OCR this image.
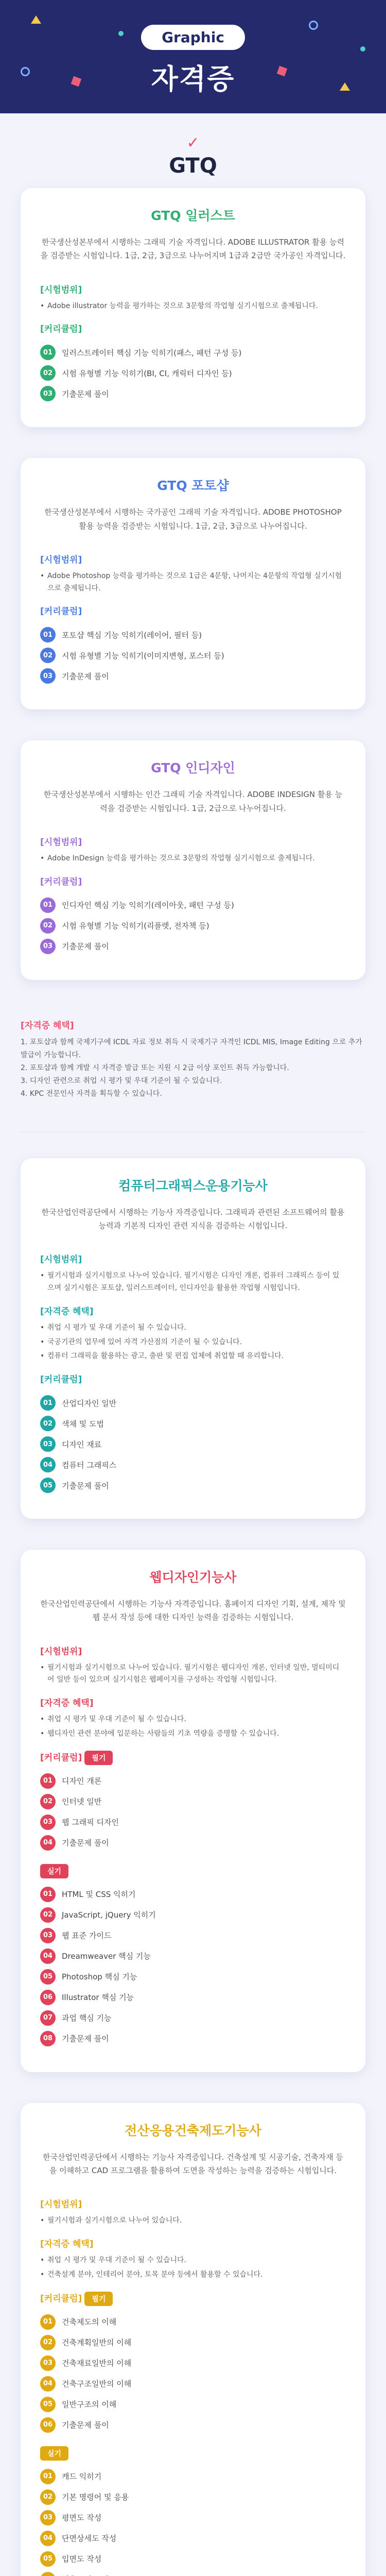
Graphic
자격증
✓
GTQ
GTQ 일러스트
한국생산성본부에서 시행하는 그래픽 기술 자격입니다. ADOBE ILLUSTRATOR 활용 능력을 검증받는 시험입니다. 1급, 2급, 3급으로 나누어지며 1급과 2급만 국가공인 자격입니다.
[시험범위]
• Adobe illustrator 능력을 평가하는 것으로 3문항의 작업형 실기시험으로 출제됩니다.
[커리큘럼]
01	일러스트레이터 핵심 기능 익히기(패스, 패턴 구성 등)
02	시험 유형별 기능 익히기(BI, CI, 캐릭터 디자인 등)
03	기출문제 풀이
GTQ 포토샵
한국생산성본부에서 시행하는 국가공인 그래픽 기술 자격입니다. ADOBE PHOTOSHOP 활용 능력을 검증받는 시험입니다. 1급, 2급, 3급으로 나누어집니다.
[시험범위]
• Adobe Photoshop 능력을 평가하는 것으로 1급은 4문항, 나머지는 4문항의 작업형 실기시험으로 출제됩니다.
[커리큘럼]
01	포토샵 핵심 기능 익히기(레이어, 필터 등)
02	시험 유형별 기능 익히기(이미지변형, 포스터 등)
03	기출문제 풀이
GTQ 인디자인
한국생산성본부에서 시행하는 인간 그래픽 기술 자격입니다. ADOBE INDESIGN 활용 능력을 검증받는 시험입니다. 1급, 2급으로 나누어집니다.
[시험범위]
• Adobe InDesign 능력을 평가하는 것으로 3문항의 작업형 실기시험으로 출제됩니다.
[커리큘럼]
01	인디자인 핵심 기능 익히기(레이아웃, 패턴 구성 등)
02	시험 유형별 기능 익히기(리플렛, 전자책 등)
03	기출문제 풀이
[자격증 혜택]
1. 포토샵과 함께 국제기구에 ICDL 자료 정보 취득 시 국제기구 자격인 ICDL MIS, Image Editing 으로 추가 발급이 가능합니다.
2. 포토샵과 함께 개발 시 자격증 발급 또는 지원 시 2급 이상 포인트 취득 가능합니다.
3. 디자인 관련으로 취업 시 평가 및 우대 기준이 될 수 있습니다.
4. KPC 전문인사 자격을 획득할 수 있습니다.
컴퓨터그래픽스운용기능사
한국산업인력공단에서 시행하는 기능사 자격증입니다. 그래픽과 관련된 소프트웨어의 활용 능력과 기본적 디자인 관련 지식을 검증하는 시험입니다.
[시험범위]
• 필기시험과 실기시험으로 나누어 있습니다. 필기시험은 디자인 개론, 컴퓨터 그래픽스 등이 있으며 실기시험은 포토샵, 일러스트레이터, 인디자인을 활용한 작업형 시험입니다.
[자격증 혜택]
• 취업 시 평가 및 우대 기준이 될 수 있습니다.
• 국공기관의 업무에 있어 자격 가산점의 기준이 될 수 있습니다.
• 컴퓨터 그래픽을 활용하는 광고, 출판 및 편집 업체에 취업할 때 유리합니다.
[커리큘럼]
01	산업디자인 일반
02	색채 및 도법
03	디자인 재료
04	컴퓨터 그래픽스
05	기출문제 풀이
웹디자인기능사
한국산업인력공단에서 시행하는 기능사 자격증입니다. 홈페이지 디자인 기획, 설계, 제작 및 웹 문서 작성 등에 대한 디자인 능력을 검증하는 시험입니다.
[시험범위]
• 필기시험과 실기시험으로 나누어 있습니다. 필기시험은 웹디자인 개론, 인터넷 일반, 멀티미디어 일반 등이 있으며 실기시험은 웹페이지를 구성하는 작업형 시험입니다.
[자격증 혜택]
• 취업 시 평가 및 우대 기준이 될 수 있습니다.
• 웹디자인 관련 분야에 입문하는 사람들의 기초 역량을 증명할 수 있습니다.
[커리큘럼] 필기
01	디자인 개론
02	인터넷 일반
03	웹 그래픽 디자인
04	기출문제 풀이
실기
01	HTML 및 CSS 익히기
02	JavaScript, jQuery 익히기
03	웹 표준 가이드
04	Dreamweaver 핵심 기능
05	Photoshop 핵심 기능
06	Illustrator 핵심 기능
07	과업 핵심 기능
08	기출문제 풀이
전산응용건축제도기능사
한국산업인력공단에서 시행하는 기능사 자격증입니다. 건축설계 및 시공기술, 건축자재 등을 이해하고 CAD 프로그램을 활용하여 도면을 작성하는 능력을 검증하는 시험입니다.
[시험범위]
• 필기시험과 실기시험으로 나누어 있습니다.
[자격증 혜택]
• 취업 시 평가 및 우대 기준이 될 수 있습니다.
• 건축설계 분야, 인테리어 분야, 토목 분야 등에서 활용할 수 있습니다.
[커리큘럼] 필기
01	건축제도의 이해
02	건축계획일반의 이해
03	건축재료일반의 이해
04	건축구조일반의 이해
05	일반구조의 이해
06	기출문제 풀이
실기
01	캐드 익히기
02	기본 명령어 및 응용
03	평면도 작성
04	단면상세도 작성
05	입면도 작성
